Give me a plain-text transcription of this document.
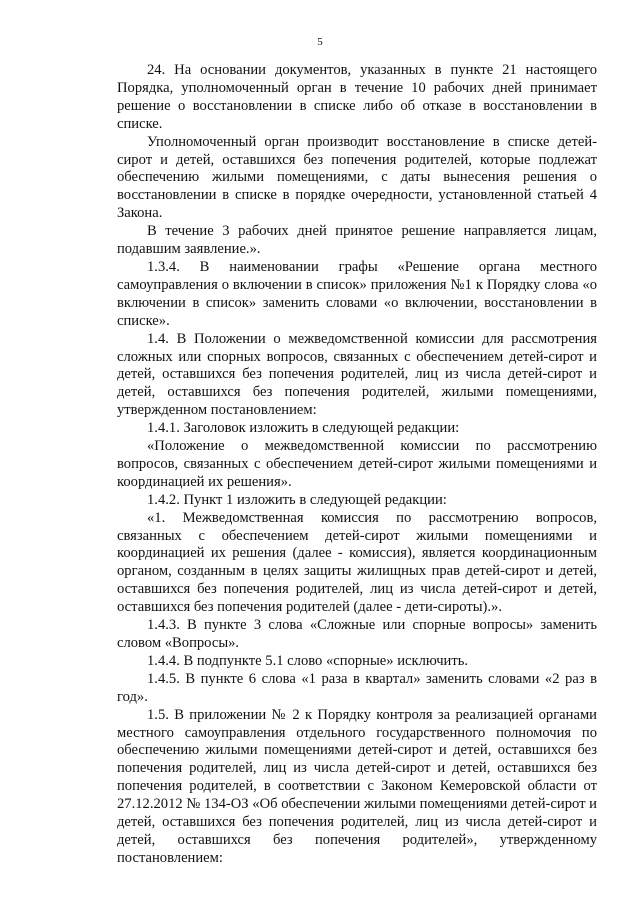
5

24. На основании документов, указанных в пункте 21 настоящего Порядка, уполномоченный орган в течение 10 рабочих дней принимает решение о восстановлении в списке либо об отказе в восстановлении в списке.

Уполномоченный орган производит восстановление в списке детей-сирот и детей, оставшихся без попечения родителей, которые подлежат обеспечению жилыми помещениями, с даты вынесения решения о восстановлении в списке в порядке очередности, установленной статьей 4 Закона.

В течение 3 рабочих дней принятое решение направляется лицам, подавшим заявление.».

1.3.4. В наименовании графы «Решение органа местного самоуправления о включении в список» приложения №1 к Порядку слова «о включении в список» заменить словами «о включении, восстановлении в списке».

1.4. В Положении о межведомственной комиссии для рассмотрения сложных или спорных вопросов, связанных с обеспечением детей-сирот и детей, оставшихся без попечения родителей, лиц из числа детей-сирот и детей, оставшихся без попечения родителей, жилыми помещениями, утвержденном постановлением:

1.4.1. Заголовок изложить в следующей редакции:

«Положение о межведомственной комиссии по рассмотрению вопросов, связанных с обеспечением детей-сирот жилыми помещениями и координацией их решения».

1.4.2. Пункт 1 изложить в следующей редакции:

«1. Межведомственная комиссия по рассмотрению вопросов, связанных с обеспечением детей-сирот жилыми помещениями и координацией их решения (далее - комиссия), является координационным органом, созданным в целях защиты жилищных прав детей-сирот и детей, оставшихся без попечения родителей, лиц из числа детей-сирот и детей, оставшихся без попечения родителей (далее - дети-сироты).».

1.4.3. В пункте 3 слова «Сложные или спорные вопросы» заменить словом «Вопросы».

1.4.4. В подпункте 5.1 слово «спорные» исключить.

1.4.5. В пункте 6 слова «1 раза в квартал» заменить словами «2 раз в год».

1.5. В приложении № 2 к Порядку контроля за реализацией органами местного самоуправления отдельного государственного полномочия по обеспечению жилыми помещениями детей-сирот и детей, оставшихся без попечения родителей, лиц из числа детей-сирот и детей, оставшихся без попечения родителей, в соответствии с Законом Кемеровской области от 27.12.2012 № 134-ОЗ «Об обеспечении жилыми помещениями детей-сирот и детей, оставшихся без попечения родителей, лиц из числа детей-сирот и детей, оставшихся без попечения родителей», утвержденному постановлением:
